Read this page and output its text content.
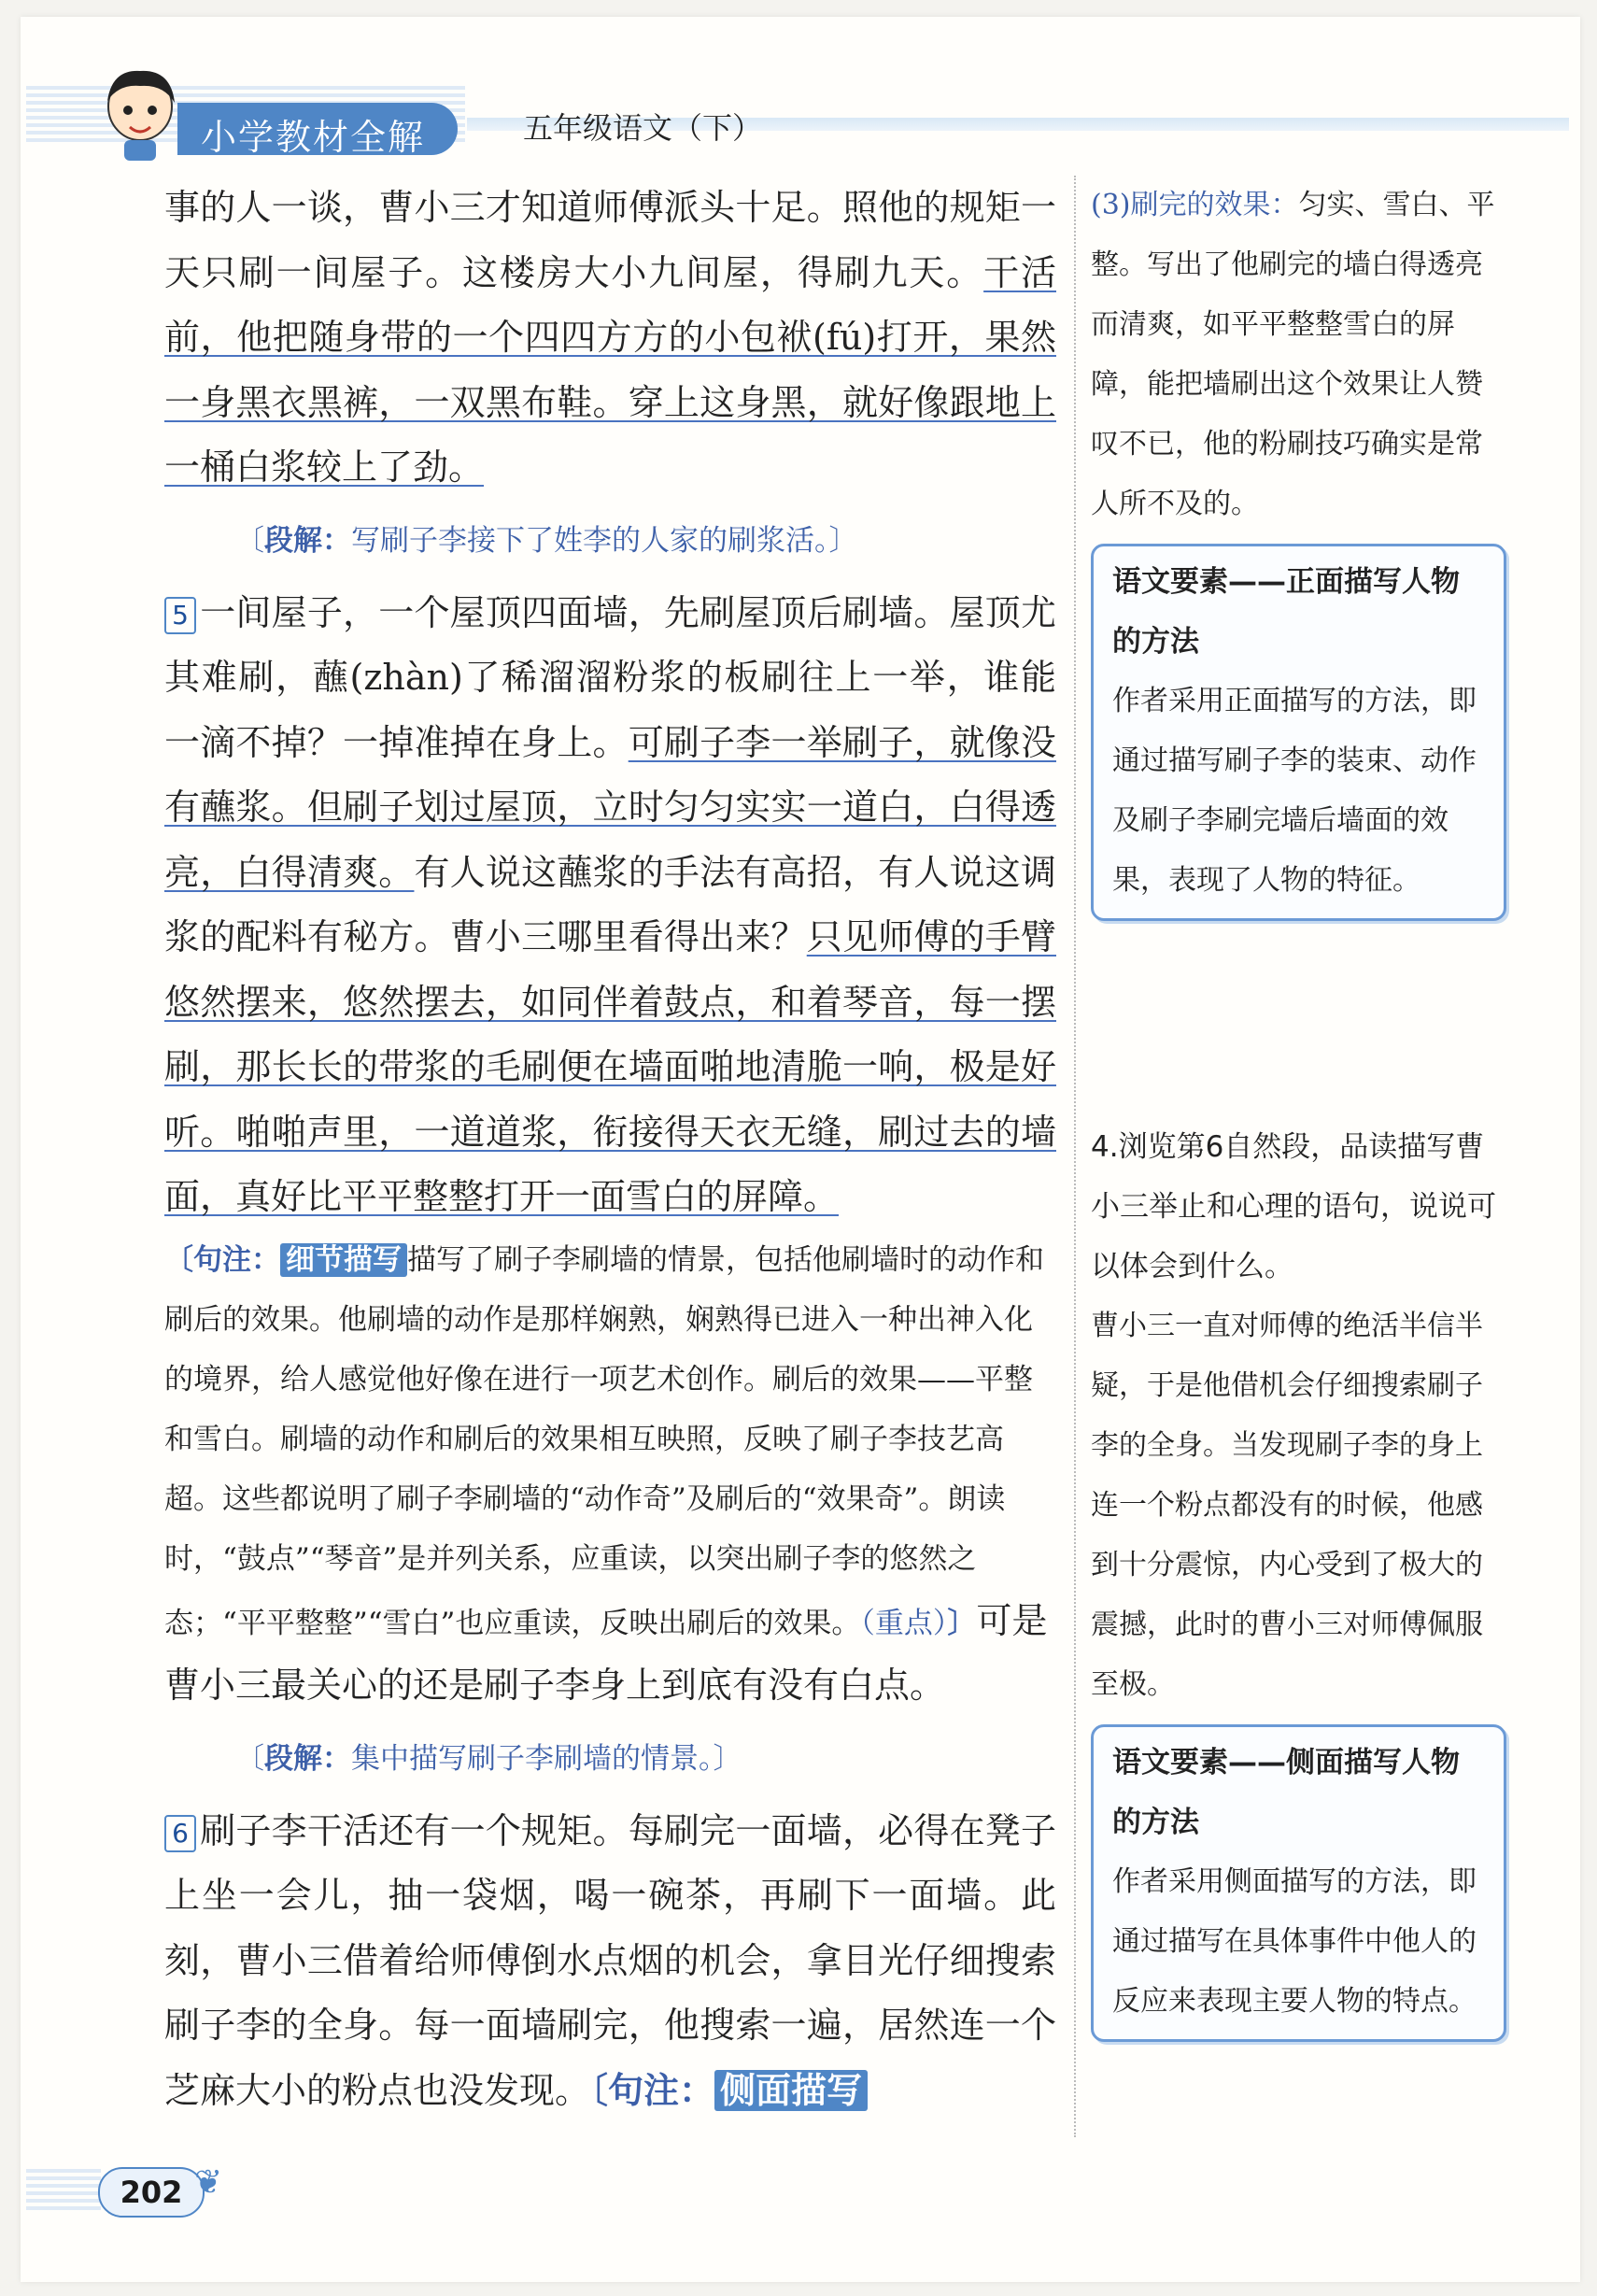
小学教材全解	五年级语文（下）

事的人一谈，曹小三才知道师傅派头十足。照他的规矩一天只刷一间屋子。这楼房大小九间屋，得刷九天。干活前，他把随身带的一个四四方方的小包袱(fú)打开，果然一身黑衣黑裤，一双黑布鞋。穿上这身黑，就好像跟地上一桶白浆较上了劲。

〔段解：写刷子李接下了姓李的人家的刷浆活。〕

5 一间屋子，一个屋顶四面墙，先刷屋顶后刷墙。屋顶尤其难刷，蘸(zhàn)了稀溜溜粉浆的板刷往上一举，谁能一滴不掉？一掉准掉在身上。可刷子李一举刷子，就像没有蘸浆。但刷子划过屋顶，立时匀匀实实一道白，白得透亮，白得清爽。有人说这蘸浆的手法有高招，有人说这调浆的配料有秘方。曹小三哪里看得出来？只见师傅的手臂悠然摆来，悠然摆去，如同伴着鼓点，和着琴音，每一摆刷，那长长的带浆的毛刷便在墙面啪地清脆一响，极是好听。啪啪声里，一道道浆，衔接得天衣无缝，刷过去的墙面，真好比平平整整打开一面雪白的屏障。

〔句注： 细节描写 描写了刷子李刷墙的情景，包括他刷墙时的动作和刷后的效果。他刷墙的动作是那样娴熟，娴熟得已进入一种出神入化的境界，给人感觉他好像在进行一项艺术创作。刷后的效果——平整和雪白。刷墙的动作和刷后的效果相互映照，反映了刷子李技艺高超。这些都说明了刷子李刷墙的“动作奇”及刷后的“效果奇”。朗读时，“鼓点”“琴音”是并列关系，应重读，以突出刷子李的悠然之态；“平平整整”“雪白”也应重读，反映出刷后的效果。（重点）〕可是曹小三最关心的还是刷子李身上到底有没有白点。

〔段解：集中描写刷子李刷墙的情景。〕

6 刷子李干活还有一个规矩。每刷完一面墙，必得在凳子上坐一会儿，抽一袋烟，喝一碗茶，再刷下一面墙。此刻，曹小三借着给师傅倒水点烟的机会，拿目光仔细搜索刷子李的全身。每一面墙刷完，他搜索一遍，居然连一个芝麻大小的粉点也没发现。〔句注： 侧面描写

(3)刷完的效果：匀实、雪白、平整。写出了他刷完的墙白得透亮而清爽，如平平整整雪白的屏障，能把墙刷出这个效果让人赞叹不已，他的粉刷技巧确实是常人所不及的。

语文要素——正面描写人物的方法
作者采用正面描写的方法，即通过描写刷子李的装束、动作及刷子李刷完墙后墙面的效果，表现了人物的特征。

4.浏览第6自然段，品读描写曹小三举止和心理的语句，说说可以体会到什么。

曹小三一直对师傅的绝活半信半疑，于是他借机会仔细搜索刷子李的全身。当发现刷子李的身上连一个粉点都没有的时候，他感到十分震惊，内心受到了极大的震撼，此时的曹小三对师傅佩服至极。

语文要素——侧面描写人物的方法
作者采用侧面描写的方法，即通过描写在具体事件中他人的反应来表现主要人物的特点。
202 ❦
